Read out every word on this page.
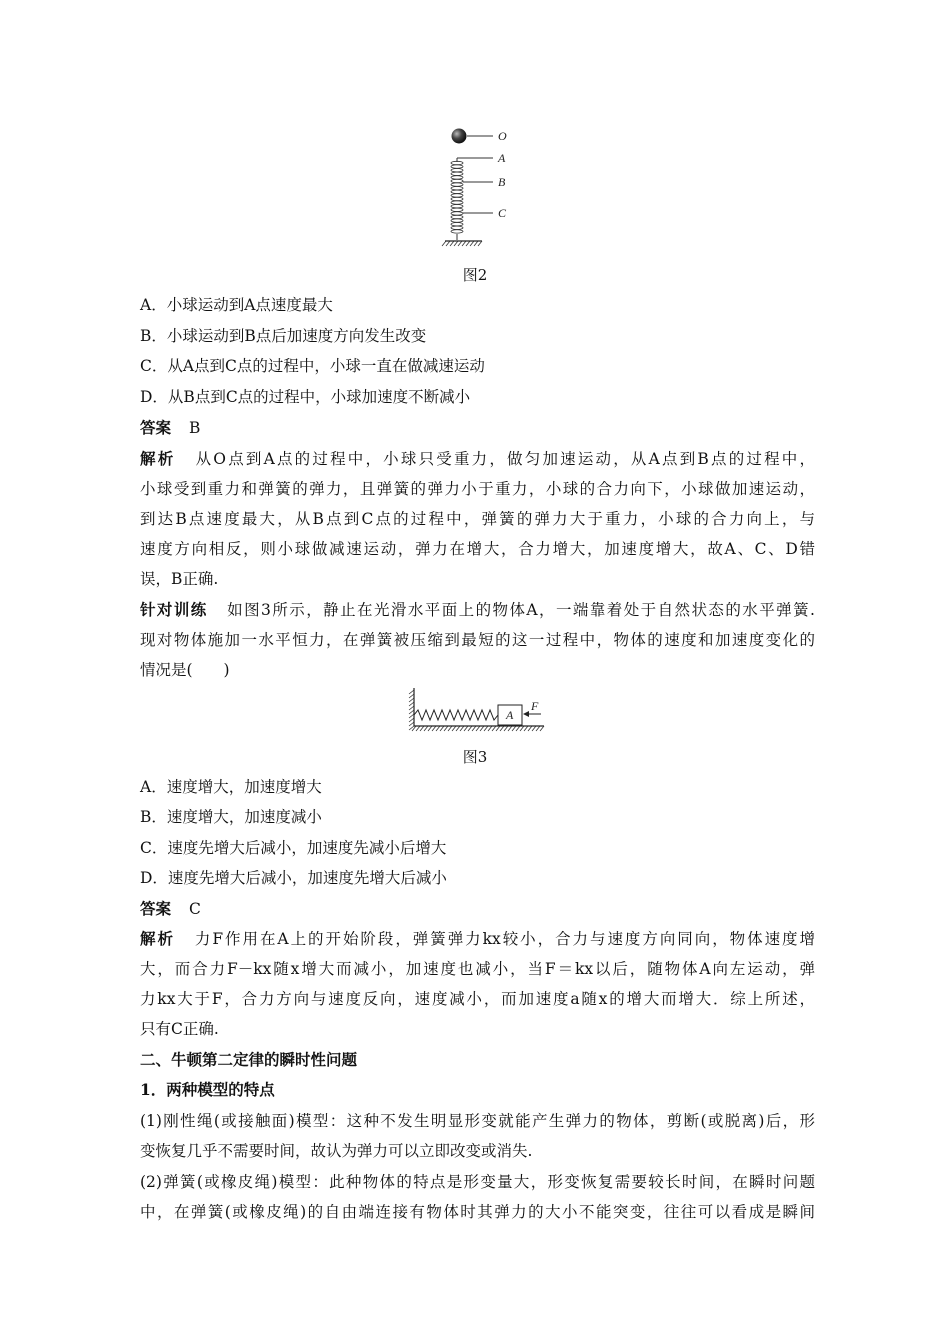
O
A
B
C
图2
A．小球运动到A点速度最大
B．小球运动到B点后加速度方向发生改变
C．从A点到C点的过程中，小球一直在做减速运动
D．从B点到C点的过程中，小球加速度不断减小
答案 B
解析 从O点到A点的过程中，小球只受重力，做匀加速运动，从A点到B点的过程中，
小球受到重力和弹簧的弹力，且弹簧的弹力小于重力，小球的合力向下，小球做加速运动，
到达B点速度最大，从B点到C点的过程中，弹簧的弹力大于重力，小球的合力向上，与
速度方向相反，则小球做减速运动，弹力在增大，合力增大，加速度增大，故A、C、D错
误，B正确.
针对训练 如图3所示，静止在光滑水平面上的物体A，一端靠着处于自然状态的水平弹簧.
现对物体施加一水平恒力，在弹簧被压缩到最短的这一过程中，物体的速度和加速度变化的
情况是(　　)
A
F
图3
A．速度增大，加速度增大
B．速度增大，加速度减小
C．速度先增大后减小，加速度先减小后增大
D．速度先增大后减小，加速度先增大后减小
答案 C
解析 力F作用在A上的开始阶段，弹簧弹力kx较小，合力与速度方向同向，物体速度增
大，而合力F－kx随x增大而减小，加速度也减小，当F＝kx以后，随物体A向左运动，弹
力kx大于F，合力方向与速度反向，速度减小，而加速度a随x的增大而增大．综上所述，
只有C正确.
二、牛顿第二定律的瞬时性问题
1．两种模型的特点
(1)刚性绳(或接触面)模型：这种不发生明显形变就能产生弹力的物体，剪断(或脱离)后，形
变恢复几乎不需要时间，故认为弹力可以立即改变或消失.
(2)弹簧(或橡皮绳)模型：此种物体的特点是形变量大，形变恢复需要较长时间，在瞬时问题
中，在弹簧(或橡皮绳)的自由端连接有物体时其弹力的大小不能突变，往往可以看成是瞬间
